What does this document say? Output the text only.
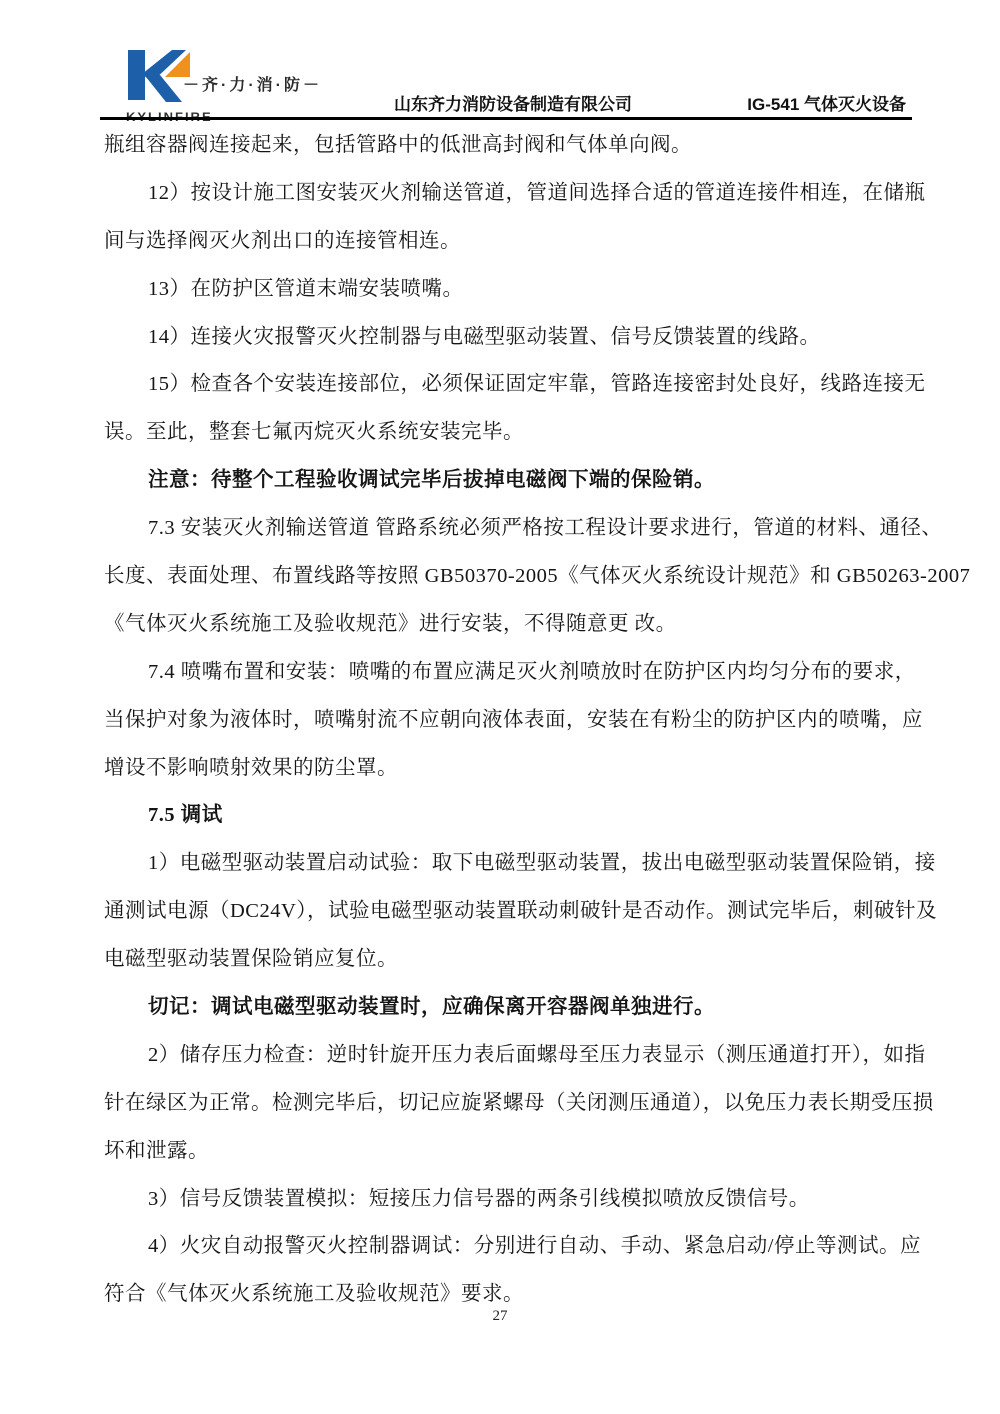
－齐·力·消·防－
山东齐力消防设备制造有限公司	IG-541 气体灭火设备
瓶组容器阀连接起来，包括管路中的低泄高封阀和气体单向阀。
12）按设计施工图安装灭火剂输送管道，管道间选择合适的管道连接件相连，在储瓶
间与选择阀灭火剂出口的连接管相连。
13）在防护区管道末端安装喷嘴。
14）连接火灾报警灭火控制器与电磁型驱动装置、信号反馈装置的线路。
15）检查各个安装连接部位，必须保证固定牢靠，管路连接密封处良好，线路连接无
误。至此，整套七氟丙烷灭火系统安装完毕。
注意：待整个工程验收调试完毕后拔掉电磁阀下端的保险销。
7.3 安装灭火剂输送管道 管路系统必须严格按工程设计要求进行，管道的材料、通径、
长度、表面处理、布置线路等按照 GB50370-2005《气体灭火系统设计规范》和 GB50263-2007
《气体灭火系统施工及验收规范》进行安装，不得随意更 改。
7.4 喷嘴布置和安装：喷嘴的布置应满足灭火剂喷放时在防护区内均匀分布的要求，
当保护对象为液体时，喷嘴射流不应朝向液体表面，安装在有粉尘的防护区内的喷嘴，应
增设不影响喷射效果的防尘罩。
7.5 调试
1）电磁型驱动装置启动试验：取下电磁型驱动装置，拔出电磁型驱动装置保险销，接
通测试电源（DC24V），试验电磁型驱动装置联动刺破针是否动作。测试完毕后，刺破针及
电磁型驱动装置保险销应复位。
切记：调试电磁型驱动装置时，应确保离开容器阀单独进行。
2）储存压力检查：逆时针旋开压力表后面螺母至压力表显示（测压通道打开），如指
针在绿区为正常。检测完毕后，切记应旋紧螺母（关闭测压通道），以免压力表长期受压损
坏和泄露。
3）信号反馈装置模拟：短接压力信号器的两条引线模拟喷放反馈信号。
4）火灾自动报警灭火控制器调试：分别进行自动、手动、紧急启动/停止等测试。应
符合《气体灭火系统施工及验收规范》要求。
27
